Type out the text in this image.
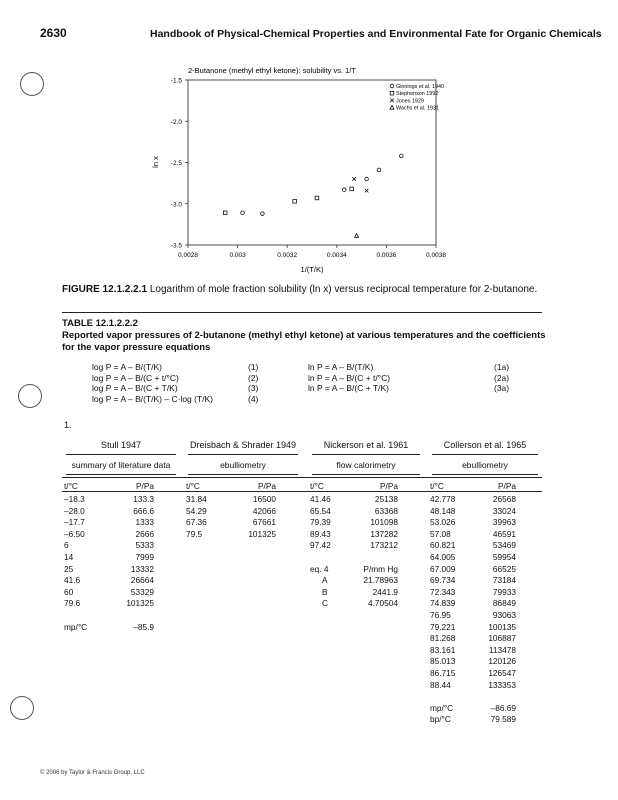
2630	Handbook of Physical-Chemical Properties and Environmental Fate for Organic Chemicals
0.0028	0.003	0.0032	0.0034	0.0036	0.0038
-1.5
-2.0
-2.5
-3.0
-3.5
2-Butanone (methyl ethyl ketone): solubility vs. 1/T
1/(T/K)
ln x
Ginnings et al. 1940
Stephenson 1992
Jones 1929
Wachs et al. 1931
FIGURE 12.1.2.2.1 Logarithm of mole fraction solubility (ln x) versus reciprocal temperature for 2-butanone.
TABLE 12.1.2.2.2
Reported vapor pressures of 2-butanone (methyl ethyl ketone) at various temperatures and the coefficients for the vapor pressure equations
log P = A – B/(T/K)	(1)
log P = A – B/(C + t/°C)	(2)
log P = A – B/(C + T/K)	(3)
log P = A – B/(T/K) – C·log (T/K)	(4)
ln P = A – B/(T/K)	(1a)
ln P = A – B/(C + t/°C)	(2a)
ln P = A – B/(C + T/K)	(3a)
1.
Stull 1947
summary of literature data
t/°C	P/Pa
–18.3	133.3
–28.0	666.6
–17.7	1333
–6.50	2666
6	5333
14	7999
25	13332
41.6	26664
60	53329
79.6	101325
mp/°C	–85.9
Dreisbach & Shrader 1949
ebulliometry
t/°C	P/Pa
31.84	16500
54.29	42066
67.36	67661
79.5	101325
Nickerson et al. 1961
flow calorimetry
t/°C	P/Pa
41.46	25138
65.54	63368
79.39	101098
89.43	137282
97.42	173212
eq. 4	P/mm Hg
A	21.78963
B	2441.9
C	4.70504
Collerson et al. 1965
ebulliometry
t/°C	P/Pa
42.778	26568
48.148	33024
53.026	39963
57.08	46591
60.821	53469
64.005	59954
67.009	66525
69.734	73184
72.343	79933
74.839	86849
76.95	93063
79.221	100135
81.268	106887
83.161	113478
85.013	120126
86.715	126547
88.44	133353
mp/°C	–86.69
bp/°C	79.589
© 2006 by Taylor & Francis Group, LLC
